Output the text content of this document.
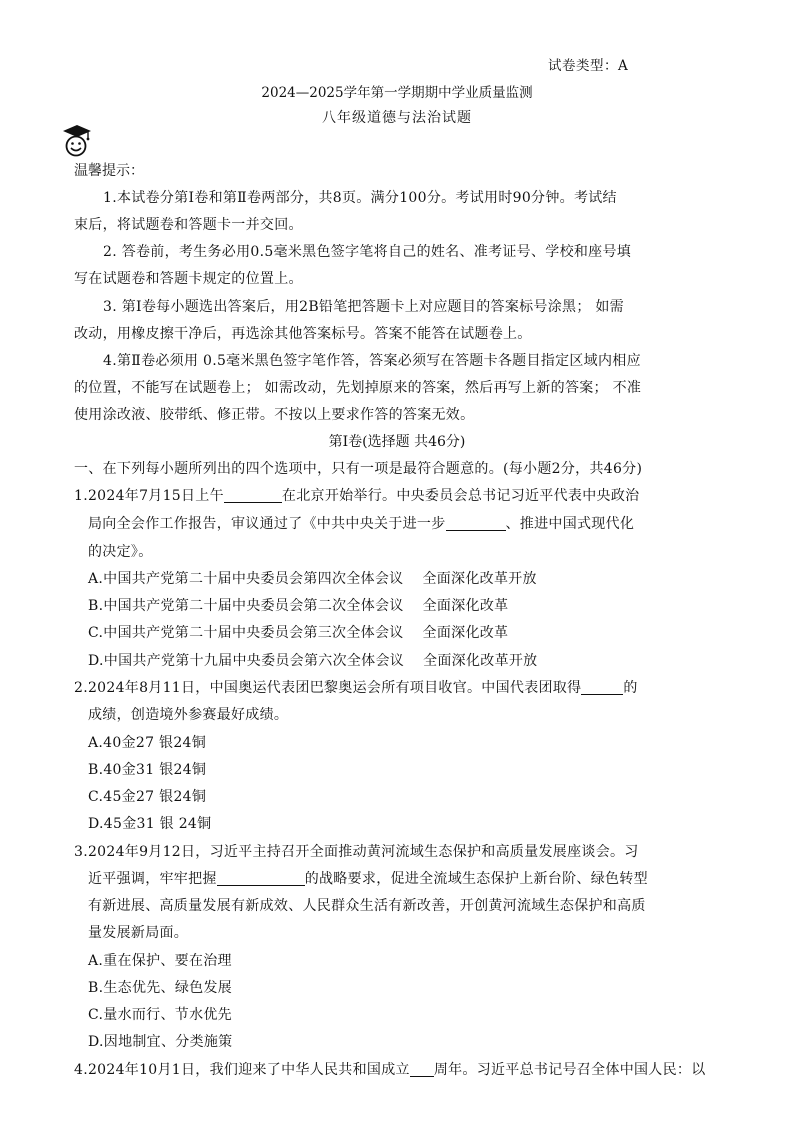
试卷类型：A
2024—2025学年第一学期期中学业质量监测
八年级道德与法治试题
温馨提示：
1.本试卷分第Ⅰ卷和第Ⅱ卷两部分，共8页。满分100分。考试用时90分钟。考试结
束后，将试题卷和答题卡一并交回。
2. 答卷前，考生务必用0.5毫米黑色签字笔将自己的姓名、准考证号、学校和座号填
写在试题卷和答题卡规定的位置上。
3. 第Ⅰ卷每小题选出答案后，用2B铅笔把答题卡上对应题目的答案标号涂黑； 如需
改动，用橡皮擦干净后，再选涂其他答案标号。答案不能答在试题卷上。
4.第Ⅱ卷必须用 0.5毫米黑色签字笔作答，答案必须写在答题卡各题目指定区域内相应
的位置，不能写在试题卷上； 如需改动，先划掉原来的答案，然后再写上新的答案； 不准
使用涂改液、胶带纸、修正带。不按以上要求作答的答案无效。
第Ⅰ卷(选择题 共46分)
一、在下列每小题所列出的四个选项中，只有一项是最符合题意的。(每小题2分，共46分)
1.2024年7月15日上午	在北京开始举行。中央委员会总书记习近平代表中央政治
局向全会作工作报告，审议通过了《中共中央关于进一步	、推进中国式现代化
的决定》。
A.中国共产党第二十届中央委员会第四次全体会议    全面深化改革开放
B.中国共产党第二十届中央委员会第二次全体会议    全面深化改革
C.中国共产党第二十届中央委员会第三次全体会议    全面深化改革
D.中国共产党第十九届中央委员会第六次全体会议    全面深化改革开放
2.2024年8月11日，中国奥运代表团巴黎奥运会所有项目收官。中国代表团取得	的
成绩，创造境外参赛最好成绩。
A.40金27 银24铜
B.40金31 银24铜
C.45金27 银24铜
D.45金31 银 24铜
3.2024年9月12日，习近平主持召开全面推动黄河流域生态保护和高质量发展座谈会。习
近平强调，牢牢把握	的战略要求，促进全流域生态保护上新台阶、绿色转型
有新进展、高质量发展有新成效、人民群众生活有新改善，开创黄河流域生态保护和高质
量发展新局面。
A.重在保护、要在治理
B.生态优先、绿色发展
C.量水而行、节水优先
D.因地制宜、分类施策
4.2024年10月1日，我们迎来了中华人民共和国成立 周年。习近平总书记号召全体中国人民：以
